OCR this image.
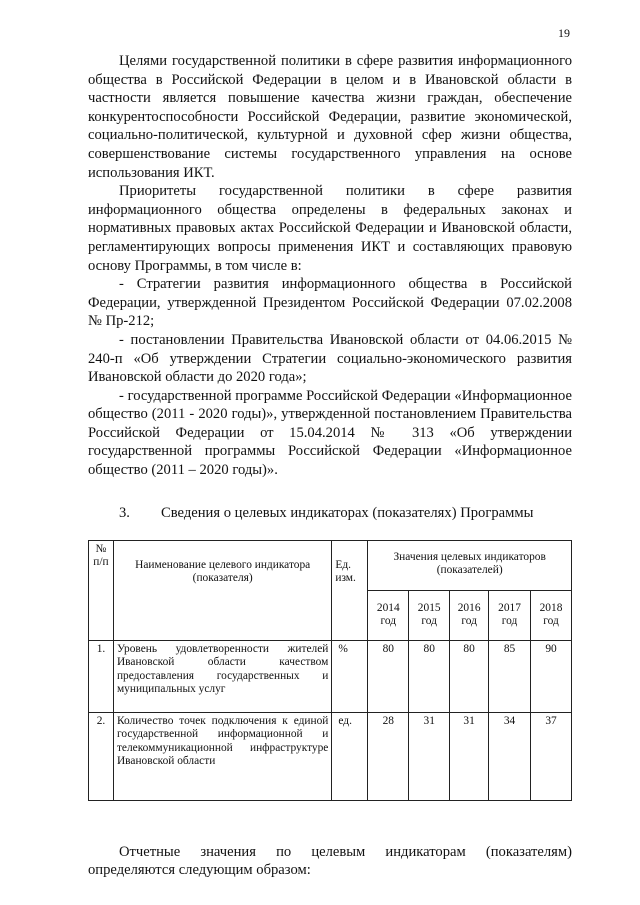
19

Целями государственной политики в сфере развития информационного общества в Российской Федерации в целом и в Ивановской области в частности является повышение качества жизни граждан, обеспечение конкурентоспособности Российской Федерации, развитие экономической, социально-политической, культурной и духовной сфер жизни общества, совершенствование системы государственного управления на основе использования ИКТ.

Приоритеты государственной политики в сфере развития информационного общества определены в федеральных законах и нормативных правовых актах Российской Федерации и Ивановской области, регламентирующих вопросы применения ИКТ и составляющих правовую основу Программы, в том числе в:

- Стратегии развития информационного общества в Российской Федерации, утвержденной Президентом Российской Федерации 07.02.2008 № Пр-212;

- постановлении Правительства Ивановской области от 04.06.2015 № 240-п «Об утверждении Стратегии социально-экономического развития Ивановской области до 2020 года»;

- государственной программе Российской Федерации «Информационное общество (2011 - 2020 годы)», утвержденной постановлением Правительства Российской Федерации от 15.04.2014 № 313 «Об утверждении государственной программы Российской Федерации «Информационное общество (2011 – 2020 годы)».

3. Сведения о целевых индикаторах (показателях) Программы
№ п/п	Наименование целевого индикатора (показателя)	Ед. изм.	Значения целевых индикаторов (показателей)				
			2014 год	2015 год	2016 год	2017 год	2018 год
1.	Уровень удовлетворенности жителей Ивановской области качеством предоставления государственных и муниципальных услуг	%	80	80	80	85	90
2.	Количество точек подключения к единой государственной информационной и телекоммуникационной инфраструктуре Ивановской области	ед.	28	31	31	34	37

Отчетные значения по целевым индикаторам (показателям) определяются следующим образом:
